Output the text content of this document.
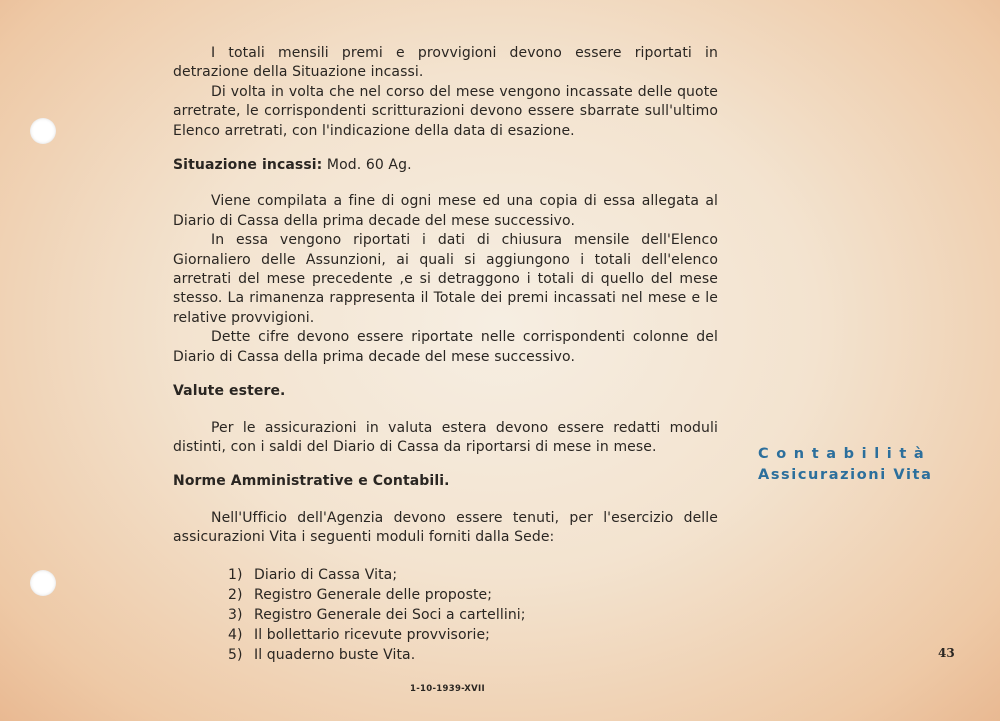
I totali mensili premi e provvigioni devono essere riportati in detrazione della Situazione incassi.

Di volta in volta che nel corso del mese vengono incassate delle quote arretrate, le corrispondenti scritturazioni devono essere sbarrate sull'ultimo Elenco arretrati, con l'indicazione della data di esazione.

Situazione incassi: Mod. 60 Ag.

Viene compilata a fine di ogni mese ed una copia di essa allegata al Diario di Cassa della prima decade del mese successivo.

In essa vengono riportati i dati di chiusura mensile dell'Elenco Giornaliero delle Assunzioni, ai quali si aggiungono i totali dell'elenco arretrati del mese precedente ,e si detraggono i totali di quello del mese stesso. La rimanenza rappresenta il Totale dei premi incassati nel mese e le relative provvigioni.

Dette cifre devono essere riportate nelle corrispondenti colonne del Diario di Cassa della prima decade del mese successivo.

Valute estere.

Per le assicurazioni in valuta estera devono essere redatti moduli distinti, con i saldi del Diario di Cassa da riportarsi di mese in mese.

Norme Amministrative e Contabili.

Nell'Ufficio dell'Agenzia devono essere tenuti, per l'esercizio delle assicurazioni Vita i seguenti moduli forniti dalla Sede:

1) Diario di Cassa Vita;
2) Registro Generale delle proposte;
3) Registro Generale dei Soci a cartellini;
4) Il bollettario ricevute provvisorie;
5) Il quaderno buste Vita.
Contabilità
Assicurazioni Vita
43
1-10-1939-XVII
